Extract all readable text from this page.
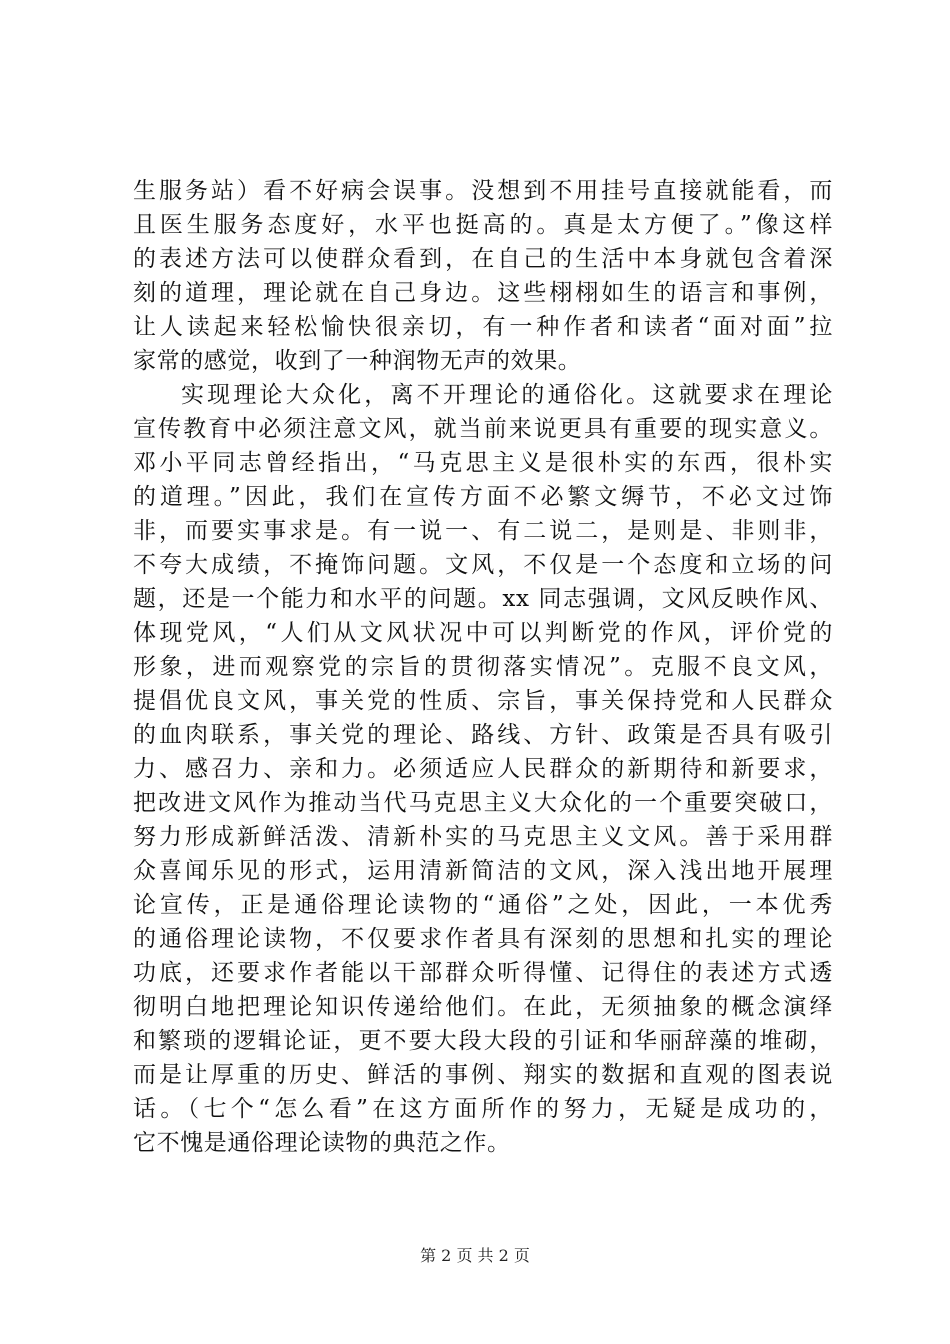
生服务站）看不好病会误事。没想到不用挂号直接就能看，而
且医生服务态度好，水平也挺高的。真是太方便了。”像这样
的表述方法可以使群众看到，在自己的生活中本身就包含着深
刻的道理，理论就在自己身边。这些栩栩如生的语言和事例，
让人读起来轻松愉快很亲切，有一种作者和读者“面对面”拉
家常的感觉，收到了一种润物无声的效果。
实现理论大众化，离不开理论的通俗化。这就要求在理论
宣传教育中必须注意文风，就当前来说更具有重要的现实意义。
邓小平同志曾经指出，“马克思主义是很朴实的东西，很朴实
的道理。”因此，我们在宣传方面不必繁文缛节，不必文过饰
非，而要实事求是。有一说一、有二说二，是则是、非则非，
不夸大成绩，不掩饰问题。文风，不仅是一个态度和立场的问
题，还是一个能力和水平的问题。xx 同志强调，文风反映作风、
体现党风，“人们从文风状况中可以判断党的作风，评价党的
形象，进而观察党的宗旨的贯彻落实情况”。克服不良文风，
提倡优良文风，事关党的性质、宗旨，事关保持党和人民群众
的血肉联系，事关党的理论、路线、方针、政策是否具有吸引
力、感召力、亲和力。必须适应人民群众的新期待和新要求，
把改进文风作为推动当代马克思主义大众化的一个重要突破口，
努力形成新鲜活泼、清新朴实的马克思主义文风。善于采用群
众喜闻乐见的形式，运用清新简洁的文风，深入浅出地开展理
论宣传，正是通俗理论读物的“通俗”之处，因此，一本优秀
的通俗理论读物，不仅要求作者具有深刻的思想和扎实的理论
功底，还要求作者能以干部群众听得懂、记得住的表述方式透
彻明白地把理论知识传递给他们。在此，无须抽象的概念演绎
和繁琐的逻辑论证，更不要大段大段的引证和华丽辞藻的堆砌，
而是让厚重的历史、鲜活的事例、翔实的数据和直观的图表说
话。（七个“怎么看”在这方面所作的努力，无疑是成功的，
它不愧是通俗理论读物的典范之作。
第 2 页 共 2 页
